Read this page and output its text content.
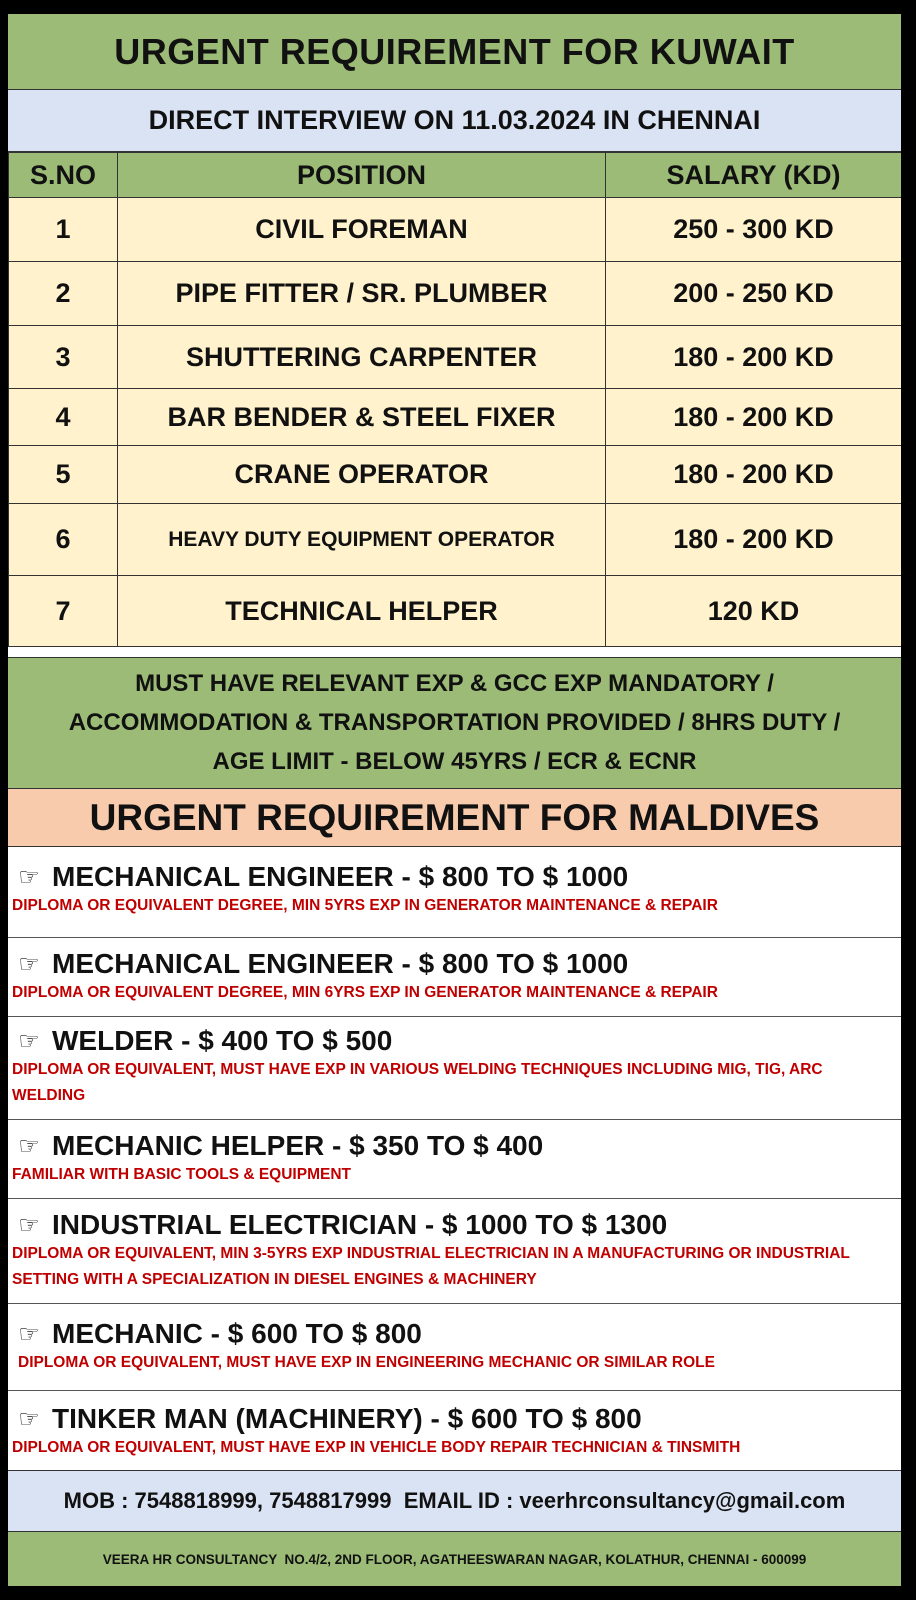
URGENT REQUIREMENT FOR KUWAIT
DIRECT INTERVIEW ON 11.03.2024 IN CHENNAI
S.NO	POSITION	SALARY (KD)
1	CIVIL FOREMAN	250 - 300 KD
2	PIPE FITTER / SR. PLUMBER	200 - 250 KD
3	SHUTTERING CARPENTER	180 - 200 KD
4	BAR BENDER & STEEL FIXER	180 - 200 KD
5	CRANE OPERATOR	180 - 200 KD
6	HEAVY DUTY EQUIPMENT OPERATOR	180 - 200 KD
7	TECHNICAL HELPER	120 KD
MUST HAVE RELEVANT EXP & GCC EXP MANDATORY /
ACCOMMODATION & TRANSPORTATION PROVIDED / 8HRS DUTY /
AGE LIMIT - BELOW 45YRS / ECR & ECNR
URGENT REQUIREMENT FOR MALDIVES
☞ MECHANICAL ENGINEER - $ 800 TO $ 1000
DIPLOMA OR EQUIVALENT DEGREE, MIN 5YRS EXP IN GENERATOR MAINTENANCE & REPAIR
☞ MECHANICAL ENGINEER - $ 800 TO $ 1000
DIPLOMA OR EQUIVALENT DEGREE, MIN 6YRS EXP IN GENERATOR MAINTENANCE & REPAIR
☞ WELDER - $ 400 TO $ 500
DIPLOMA OR EQUIVALENT, MUST HAVE EXP IN VARIOUS WELDING TECHNIQUES INCLUDING MIG, TIG, ARC WELDING
☞ MECHANIC HELPER - $ 350 TO $ 400
FAMILIAR WITH BASIC TOOLS & EQUIPMENT
☞ INDUSTRIAL ELECTRICIAN - $ 1000 TO $ 1300
DIPLOMA OR EQUIVALENT, MIN 3-5YRS EXP INDUSTRIAL ELECTRICIAN IN A MANUFACTURING OR INDUSTRIAL SETTING WITH A SPECIALIZATION IN DIESEL ENGINES & MACHINERY
☞ MECHANIC - $ 600 TO $ 800
DIPLOMA OR EQUIVALENT, MUST HAVE EXP IN ENGINEERING MECHANIC OR SIMILAR ROLE
☞ TINKER MAN (MACHINERY) - $ 600 TO $ 800
DIPLOMA OR EQUIVALENT, MUST HAVE EXP IN VEHICLE BODY REPAIR TECHNICIAN & TINSMITH
MOB : 7548818999, 7548817999  EMAIL ID : veerhrconsultancy@gmail.com
VEERA HR CONSULTANCY  NO.4/2, 2ND FLOOR, AGATHEESWARAN NAGAR, KOLATHUR, CHENNAI - 600099
